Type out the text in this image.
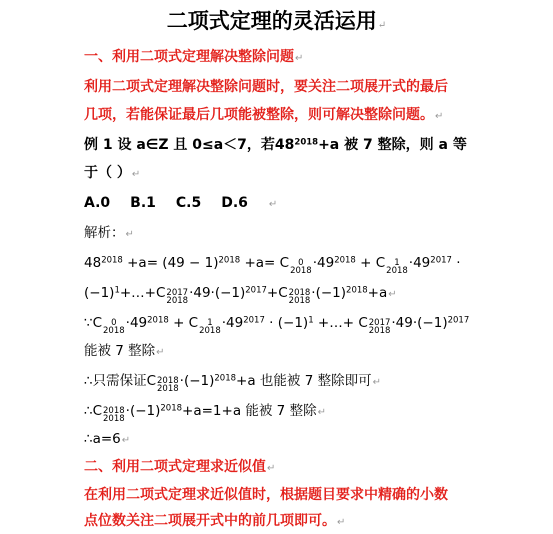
二项式定理的灵活运用↵
一、利用二项式定理解决整除问题↵
利用二项式定理解决整除问题时，要关注二项展开式的最后
几项，若能保证最后几项能被整除，则可解决整除问题。↵
例 1 设 a∈Z 且 0≤a＜7，若$48^{2018}+a$ 被 7 整除，则 a 等
于（ ）↵
A.0 B.1 C.5 D.6 ↵
解析：↵
$48^{2018} +a= (49 - 1)^{2018} +a= C$	0
$2018 \cdot 49^{2018} + C$	1
$2018 \cdot 49^{2017}$ ·
$(-1)^1+\dots+C$ 2017
$2018 \cdot 49\cdot(-1)^{2017}+C$ 2018
$2018 \cdot(-1)^{2018}+a↵$
∵C	0
$2018 \cdot 49^{2018} + C$	1
$2018 \cdot 49^{2017} \cdot (-1)^1$ +…+ C 2017
$2018 \cdot 49\cdot(-1)^{2017}$
能被 7 整除↵
∴只需保证C 2018
$2018 \cdot(-1)^{2018}+a$ 也能被 7 整除即可↵
∴C 2018
$2018 \cdot(-1)^{2018}+a=1+a$ 能被 7 整除↵
∴a=6↵
二、利用二项式定理求近似值↵
在利用二项式定理求近似值时，根据题目要求中精确的小数
点位数关注二项展开式中的前几项即可。↵
